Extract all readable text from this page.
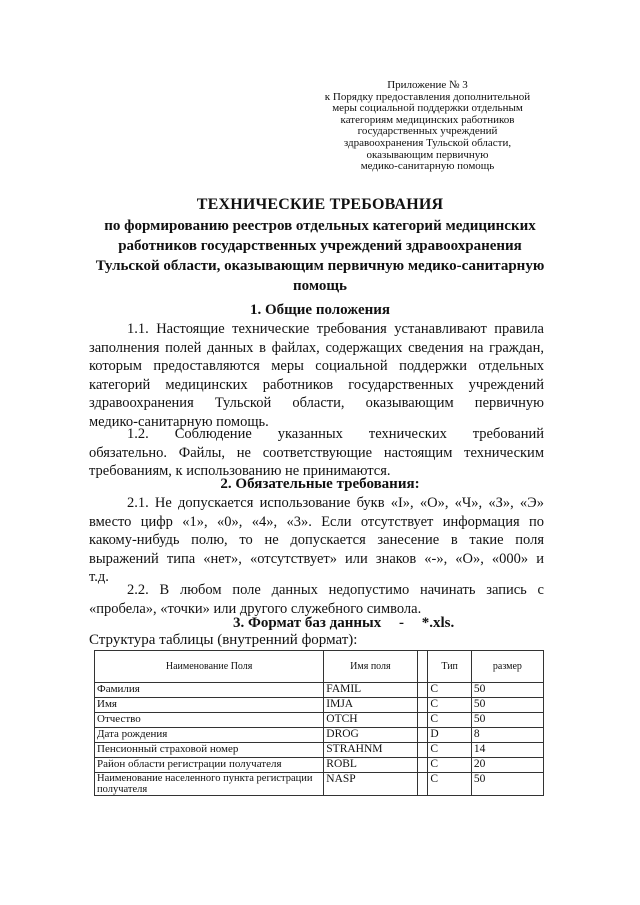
Приложение № 3
к Порядку предоставления дополнительной
меры социальной поддержки отдельным
категориям медицинских работников
государственных учреждений
здравоохранения Тульской области,
оказывающим первичную
медико-санитарную помощь
ТЕХНИЧЕСКИЕ ТРЕБОВАНИЯ
по формированию реестров отдельных категорий медицинских
работников государственных учреждений здравоохранения
Тульской области, оказывающим первичную медико-санитарную
помощь
1. Общие положения
1.1. Настоящие технические требования устанавливают правила
заполнения полей данных в файлах, содержащих сведения на граждан,
которым предоставляются меры социальной поддержки отдельных
категорий медицинских работников государственных учреждений
здравоохранения Тульской области, оказывающим первичную
медико-санитарную помощь.
1.2. Соблюдение указанных технических требований
обязательно. Файлы, не соответствующие настоящим техническим
требованиям, к использованию не принимаются.
2. Обязательные требования:
2.1. Не допускается использование букв «I», «О», «Ч», «З», «Э»
вместо цифр «1», «0», «4», «3». Если отсутствует информация по
какому-нибудь полю, то не допускается занесение в такие поля
выражений типа «нет», «отсутствует» или знаков «-», «О», «000» и
т.д.
2.2. В любом поле данных недопустимо начинать запись с
«пробела», «точки» или другого служебного символа.
3. Формат баз данных - *.xls.
Структура таблицы (внутренний формат):
Наименование Поля	Имя поля		Тип	размер
Фамилия	FAMIL		C	50
Имя	IMJA		C	50
Отчество	OTCH		C	50
Дата рождения	DROG		D	8
Пенсионный страховой номер	STRAHNM		C	14
Район области регистрации получателя	ROBL		C	20
Наименование населенного пункта регистрации получателя	NASP		C	50
